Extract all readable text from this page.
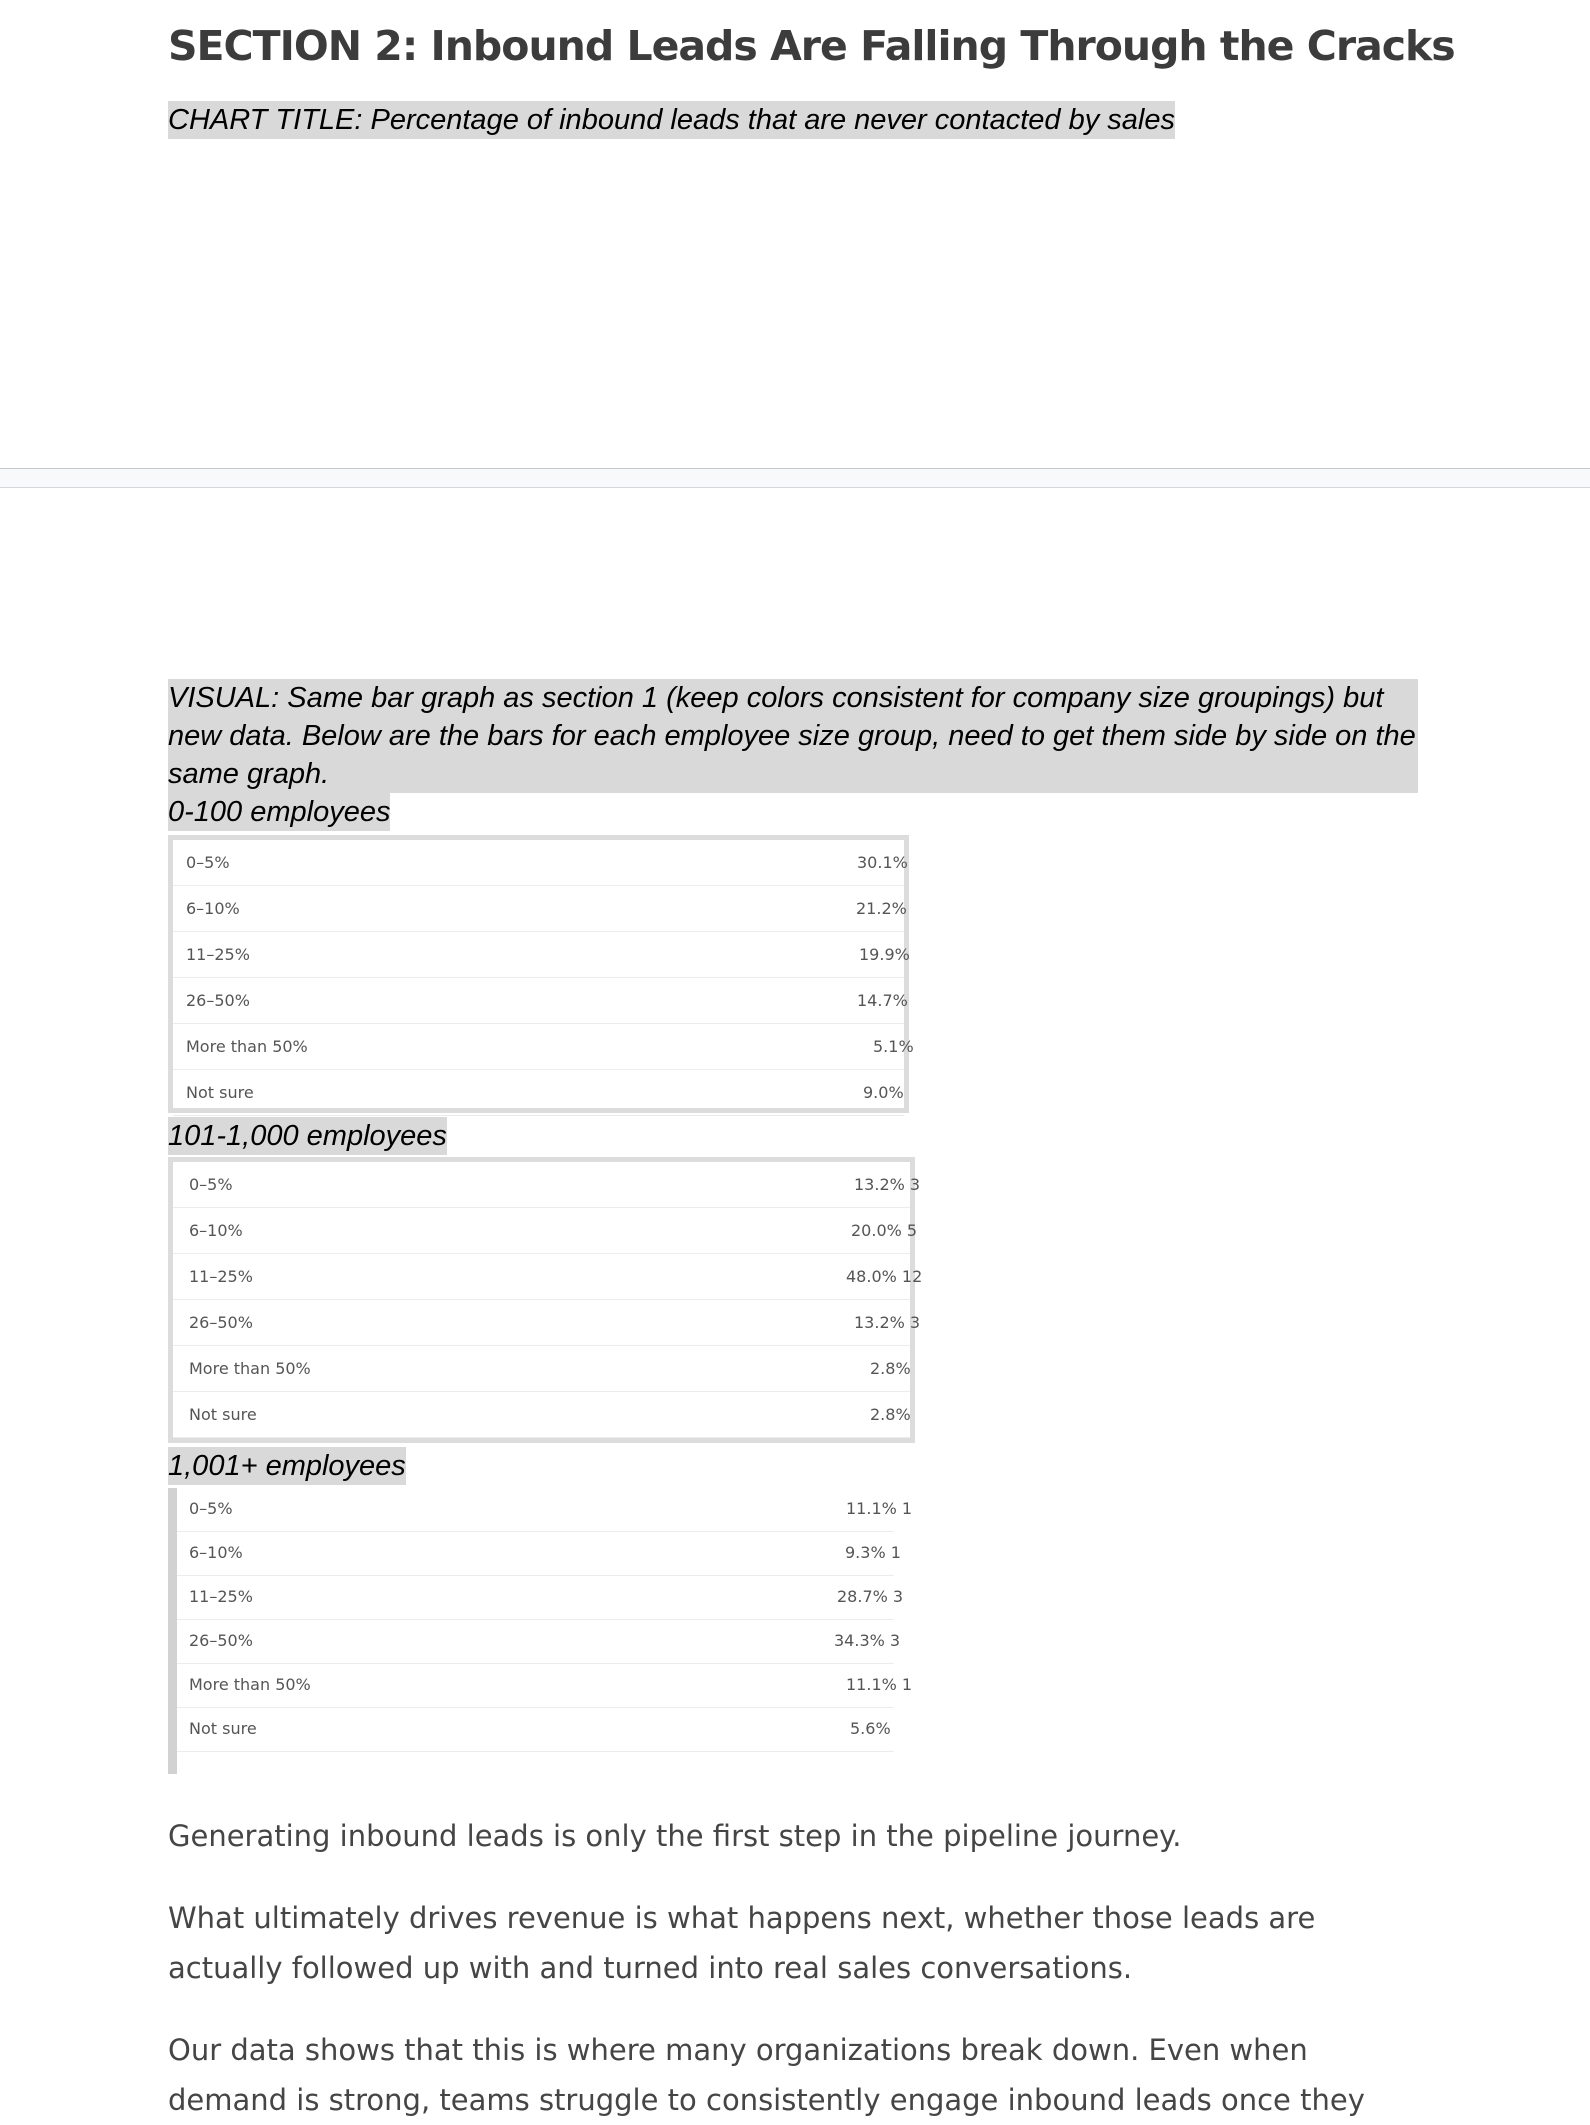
SECTION 2: Inbound Leads Are Falling Through the Cracks
CHART TITLE: Percentage of inbound leads that are never contacted by sales
VISUAL: Same bar graph as section 1 (keep colors consistent for company size groupings) but new data. Below are the bars for each employee size group, need to get them side by side on the same graph.
0-100 employees
0–5%	30.1%
6–10%	21.2%
11–25%	19.9%
26–50%	14.7%
More than 50%	5.1%
Not sure	9.0%
101-1,000 employees
0–5%	13.2% 3
6–10%	20.0% 5
11–25%	48.0% 12
26–50%	13.2% 3
More than 50%	2.8%
Not sure	2.8%
1,001+ employees
0–5%	11.1% 1
6–10%	9.3% 1
11–25%	28.7% 3
26–50%	34.3% 3
More than 50%	11.1% 1
Not sure	5.6%
Generating inbound leads is only the first step in the pipeline journey.
What ultimately drives revenue is what happens next, whether those leads are actually followed up with and turned into real sales conversations.
Our data shows that this is where many organizations break down. Even when demand is strong, teams struggle to consistently engage inbound leads once they
